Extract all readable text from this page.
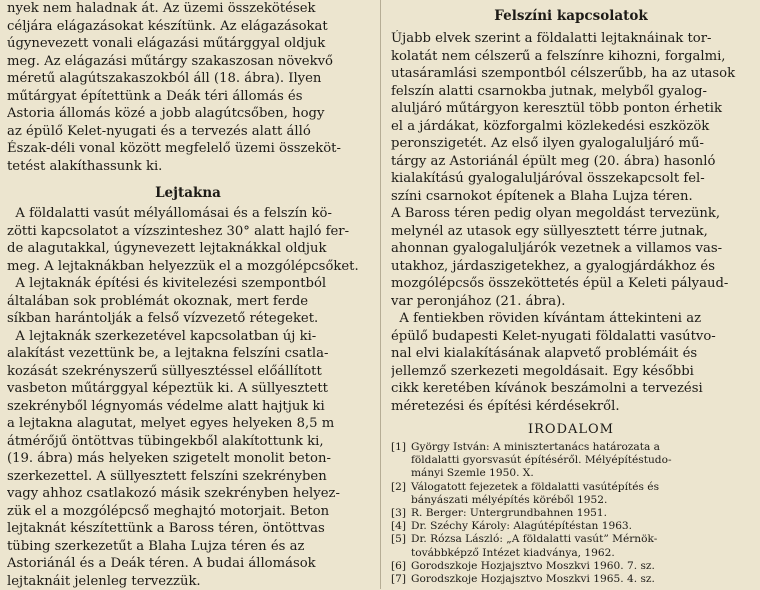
nyek nem haladnak át. Az üzemi összekötések
céljára elágazásokat készítünk. Az elágazásokat
úgynevezett vonali elágazási műtárggyal oldjuk
meg. Az elágazási műtárgy szakaszosan növekvő
méretű alagútszakaszokból áll (18. ábra). Ilyen
műtárgyat építettünk a Deák téri állomás és
Astoria állomás közé a jobb alagútcsőben, hogy
az épülő Kelet-nyugati és a tervezés alatt álló
Észak-déli vonal között megfelelő üzemi összeköt-
tetést alakíthassunk ki.
Lejtakna
A földalatti vasút mélyállomásai és a felszín kö-
zötti kapcsolatot a vízszinteshez 30° alatt hajló fer-
de alagutakkal, úgynevezett lejtaknákkal oldjuk
meg. A lejtaknákban helyezzük el a mozgólépcsőket.
A lejtaknák építési és kivitelezési szempontból
általában sok problémát okoznak, mert ferde
síkban harántolják a felső vízvezető rétegeket.
A lejtaknák szerkezetével kapcsolatban új ki-
alakítást vezettünk be, a lejtakna felszíni csatla-
kozását szekrényszerű süllyesztéssel előállított
vasbeton műtárggyal képeztük ki. A süllyesztett
szekrényből légnyomás védelme alatt hajtjuk ki
a lejtakna alagutat, melyet egyes helyeken 8,5 m
átmérőjű öntöttvas tübingekből alakítottunk ki,
(19. ábra) más helyeken szigetelt monolit beton-
szerkezettel. A süllyesztett felszíni szekrényben
vagy ahhoz csatlakozó másik szekrényben helyez-
zük el a mozgólépcső meghajtó motorjait. Beton
lejtaknát készítettünk a Baross téren, öntöttvas
tübing szerkezetűt a Blaha Lujza téren és az
Astoriánál és a Deák téren. A budai állomások
lejtaknáit jelenleg tervezzük.
Felszíni kapcsolatok
Újabb elvek szerint a földalatti lejtaknáinak tor-
kolatát nem célszerű a felszínre kihozni, forgalmi,
utasáramlási szempontból célszerűbb, ha az utasok
felszín alatti csarnokba jutnak, melyből gyalog-
aluljáró műtárgyon keresztül több ponton érhetik
el a járdákat, közforgalmi közlekedési eszközök
peronszigetét. Az első ilyen gyalogaluljáró mű-
tárgy az Astoriánál épült meg (20. ábra) hasonló
kialakítású gyalogaluljáróval összekapcsolt fel-
színi csarnokot építenek a Blaha Lujza téren.
A Baross téren pedig olyan megoldást tervezünk,
melynél az utasok egy süllyesztett térre jutnak,
ahonnan gyalogaluljárók vezetnek a villamos vas-
utakhoz, járdaszigetekhez, a gyalogjárdákhoz és
mozgólépcsős összeköttetés épül a Keleti pályaud-
var peronjához (21. ábra).
A fentiekben röviden kívántam áttekinteni az
épülő budapesti Kelet-nyugati földalatti vasútvo-
nal elvi kialakításának alapvető problémáit és
jellemző szerkezeti megoldásait. Egy későbbi
cikk keretében kívánok beszámolni a tervezési
méretezési és építési kérdésekről.
IRODALOM
[1] György István: A minisztertanács határozata a
földalatti gyorsvasút építéséről. Mélyépítéstudo-
mányi Szemle 1950. X.
[2] Válogatott fejezetek a földalatti vasútépítés és
bányászati mélyépítés köréből 1952.
[3] R. Berger: Untergrundbahnen 1951.
[4] Dr. Széchy Károly: Alagútépítéstan 1963.
[5] Dr. Rózsa László: „A földalatti vasút” Mérnök-
továbbképző Intézet kiadványa, 1962.
[6] Gorodszkoje Hozjajsztvo Moszkvi 1960. 7. sz.
[7] Gorodszkoje Hozjajsztvo Moszkvi 1965. 4. sz.
